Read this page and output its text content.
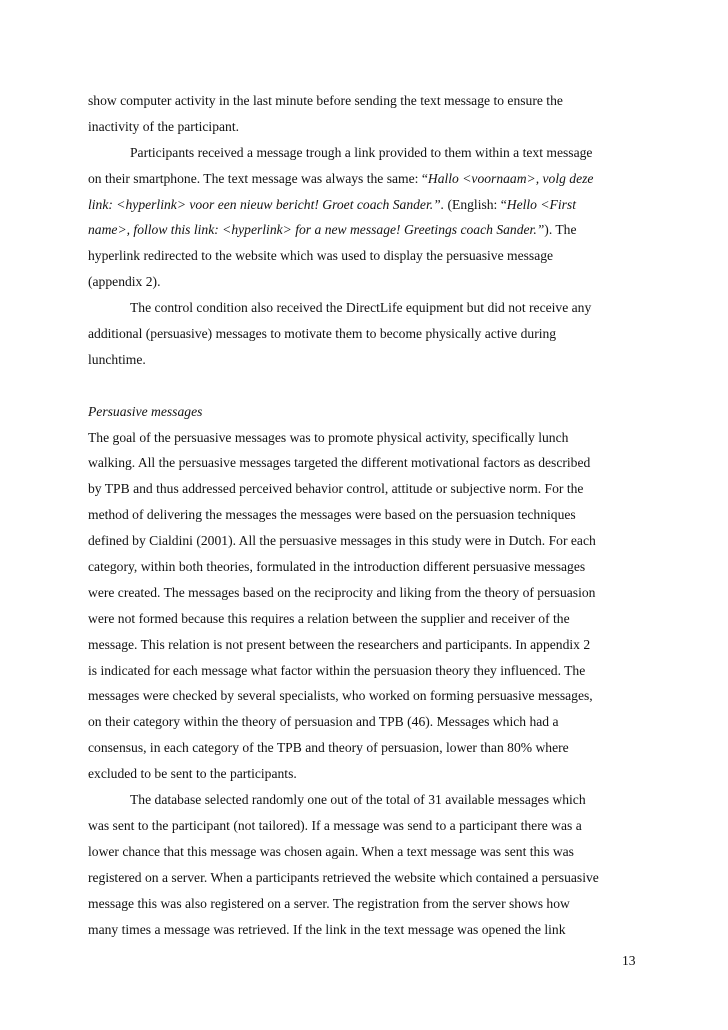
show computer activity in the last minute before sending the text message to ensure the
inactivity of the participant.
Participants received a message trough a link provided to them within a text message
on their smartphone. The text message was always the same: “Hallo <voornaam>, volg deze
link: <hyperlink> voor een nieuw bericht! Groet coach Sander.”. (English: “Hello <First
name>, follow this link: <hyperlink> for a new message! Greetings coach Sander.”). The
hyperlink redirected to the website which was used to display the persuasive message
(appendix 2).
The control condition also received the DirectLife equipment but did not receive any
additional (persuasive) messages to motivate them to become physically active during
lunchtime.
Persuasive messages
The goal of the persuasive messages was to promote physical activity, specifically lunch
walking. All the persuasive messages targeted the different motivational factors as described
by TPB and thus addressed perceived behavior control, attitude or subjective norm. For the
method of delivering the messages the messages were based on the persuasion techniques
defined by Cialdini (2001). All the persuasive messages in this study were in Dutch. For each
category, within both theories, formulated in the introduction different persuasive messages
were created. The messages based on the reciprocity and liking from the theory of persuasion
were not formed because this requires a relation between the supplier and receiver of the
message. This relation is not present between the researchers and participants. In appendix 2
is indicated for each message what factor within the persuasion theory they influenced. The
messages were checked by several specialists, who worked on forming persuasive messages,
on their category within the theory of persuasion and TPB (46). Messages which had a
consensus, in each category of the TPB and theory of persuasion, lower than 80% where
excluded to be sent to the participants.
The database selected randomly one out of the total of 31 available messages which
was sent to the participant (not tailored). If a message was send to a participant there was a
lower chance that this message was chosen again. When a text message was sent this was
registered on a server. When a participants retrieved the website which contained a persuasive
message this was also registered on a server. The registration from the server shows how
many times a message was retrieved. If the link in the text message was opened the link
13
